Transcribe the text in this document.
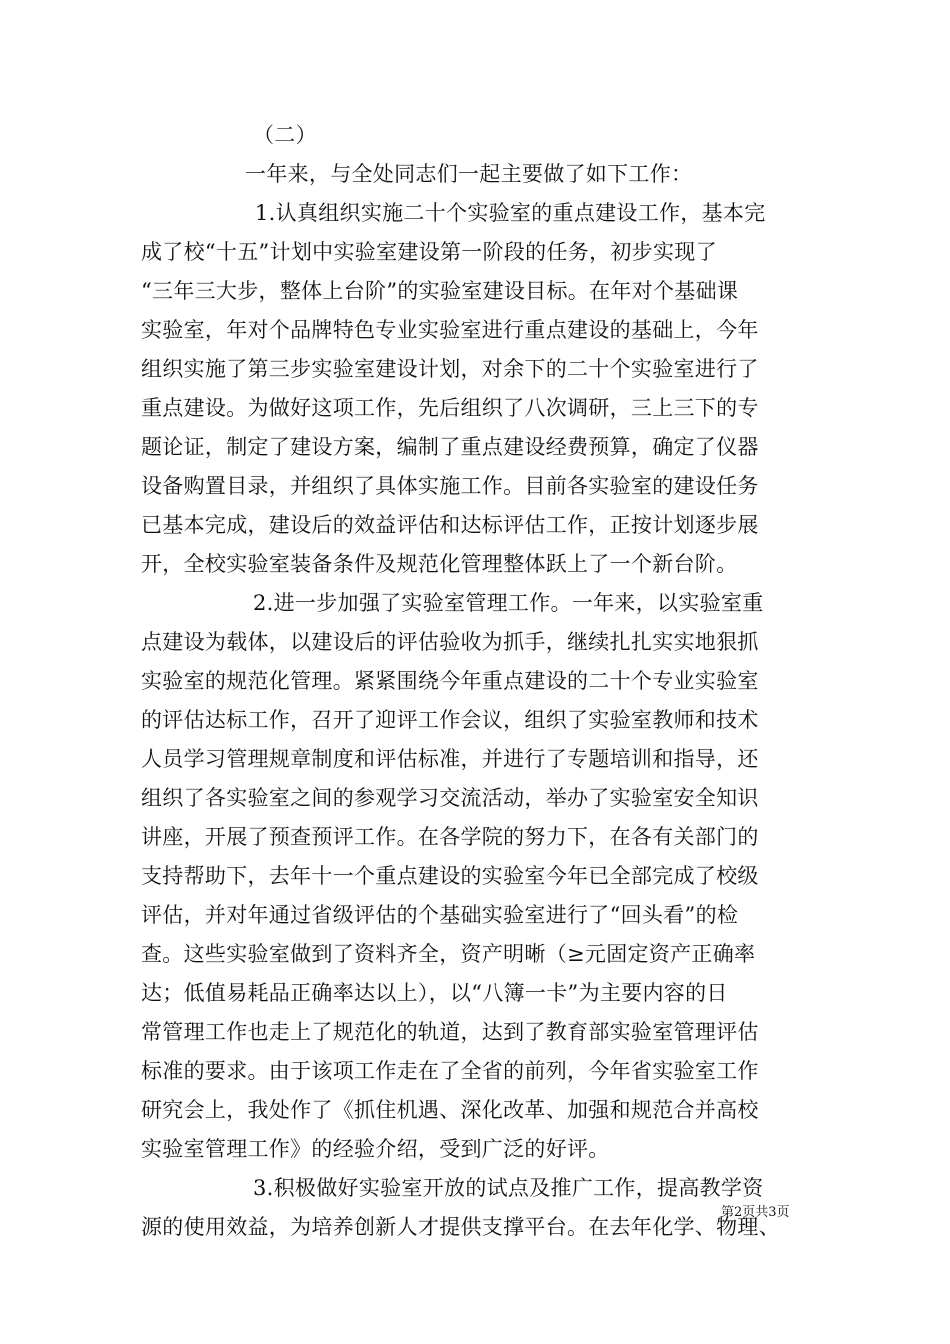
（二）
一年来，与全处同志们一起主要做了如下工作：
1.认真组织实施二十个实验室的重点建设工作，基本完
成了校“十五”计划中实验室建设第一阶段的任务，初步实现了
“三年三大步，整体上台阶”的实验室建设目标。在年对个基础课
实验室，年对个品牌特色专业实验室进行重点建设的基础上，今年
组织实施了第三步实验室建设计划，对余下的二十个实验室进行了
重点建设。为做好这项工作，先后组织了八次调研，三上三下的专
题论证，制定了建设方案，编制了重点建设经费预算，确定了仪器
设备购置目录，并组织了具体实施工作。目前各实验室的建设任务
已基本完成，建设后的效益评估和达标评估工作，正按计划逐步展
开，全校实验室装备条件及规范化管理整体跃上了一个新台阶。
2.进一步加强了实验室管理工作。一年来，以实验室重
点建设为载体，以建设后的评估验收为抓手，继续扎扎实实地狠抓
实验室的规范化管理。紧紧围绕今年重点建设的二十个专业实验室
的评估达标工作，召开了迎评工作会议，组织了实验室教师和技术
人员学习管理规章制度和评估标准，并进行了专题培训和指导，还
组织了各实验室之间的参观学习交流活动，举办了实验室安全知识
讲座，开展了预查预评工作。在各学院的努力下，在各有关部门的
支持帮助下，去年十一个重点建设的实验室今年已全部完成了校级
评估，并对年通过省级评估的个基础实验室进行了“回头看”的检
查。这些实验室做到了资料齐全，资产明晰（≥元固定资产正确率
达；低值易耗品正确率达以上），以“八簿一卡”为主要内容的日
常管理工作也走上了规范化的轨道，达到了教育部实验室管理评估
标准的要求。由于该项工作走在了全省的前列，今年省实验室工作
研究会上，我处作了《抓住机遇、深化改革、加强和规范合并高校
实验室管理工作》的经验介绍，受到广泛的好评。
3.积极做好实验室开放的试点及推广工作，提高教学资
源的使用效益，为培养创新人才提供支撑平台。在去年化学、物理、
第2页共3页
